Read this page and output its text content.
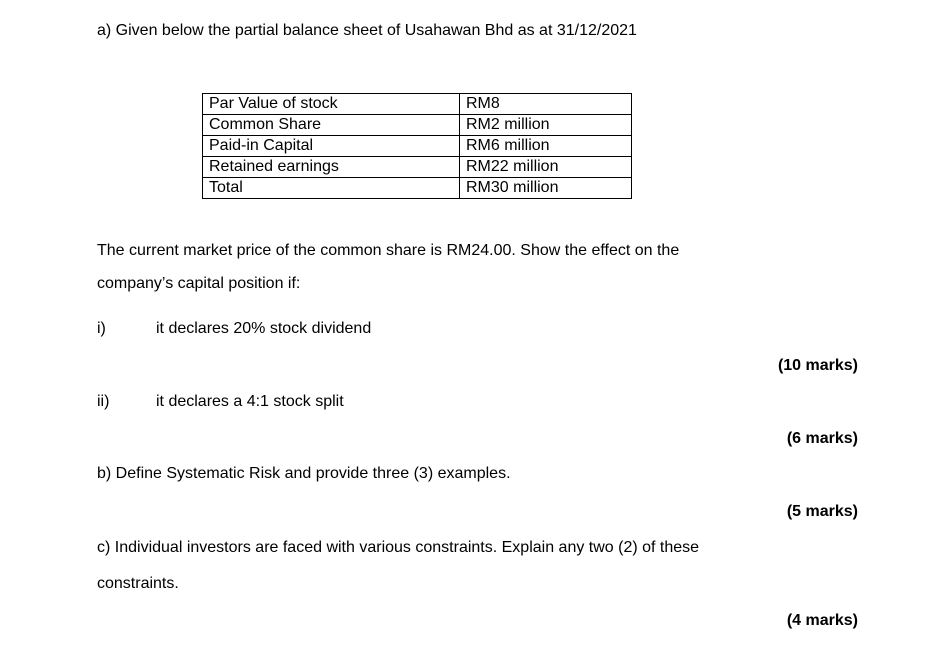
a) Given below the partial balance sheet of Usahawan Bhd as at 31/12/2021
Par Value of stock	RM8
Common Share	RM2 million
Paid-in Capital	RM6 million
Retained earnings	RM22 million
Total	RM30 million
The current market price of the common share is RM24.00. Show the effect on the
company’s capital position if:
i)	it declares 20% stock dividend
(10 marks)
ii)	it declares a 4:1 stock split
(6 marks)
b) Define Systematic Risk and provide three (3) examples.
(5 marks)
c) Individual investors are faced with various constraints. Explain any two (2) of these
constraints.
(4 marks)
